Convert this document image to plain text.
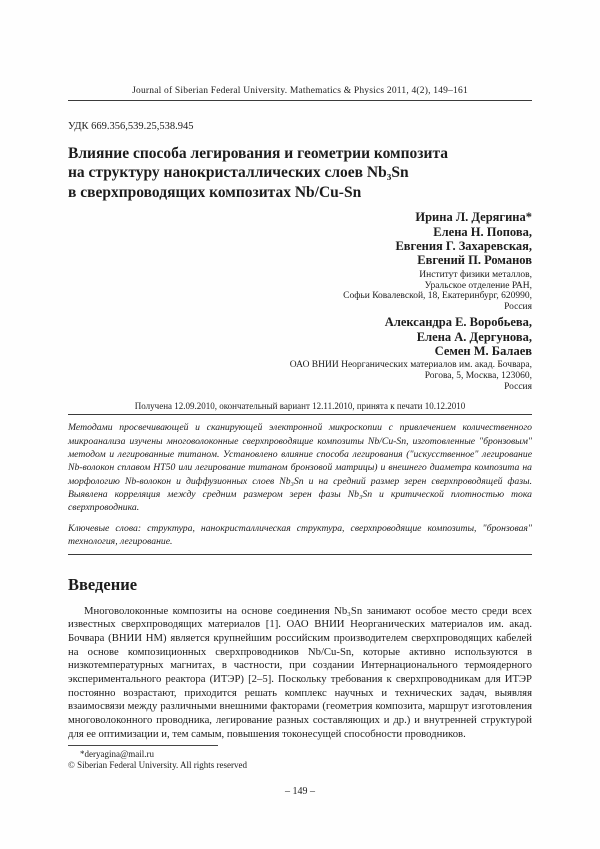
Journal of Siberian Federal University. Mathematics & Physics 2011, 4(2), 149–161
УДК 669.356,539.25,538.945
Влияние способа легирования и геометрии композита
на структуру нанокристаллических слоев Nb₃Sn
в сверхпроводящих композитах Nb/Cu-Sn
Ирина Л. Дерягина*
Елена Н. Попова,
Евгения Г. Захаревская,
Евгений П. Романов
Институт физики металлов,
Уральское отделение РАН,
Софьи Ковалевской, 18, Екатеринбург, 620990,
Россия
Александра Е. Воробьева,
Елена А. Дергунова,
Семен М. Балаев
ОАО ВНИИ Неорганических материалов им. акад. Бочвара,
Рогова, 5, Москва, 123060,
Россия
Получена 12.09.2010, окончательный вариант 12.11.2010, принята к печати 10.12.2010
Методами просвечивающей и сканирующей электронной микроскопии с привлечением количественного микроанализа изучены многоволоконные сверхпроводящие композиты Nb/Cu-Sn, изготовленные "бронзовым" методом и легированные титаном. Установлено влияние способа легирования ("искусственное" легирование Nb-волокон сплавом НТ50 или легирование титаном бронзовой матрицы) и внешнего диаметра композита на морфологию Nb-волокон и диффузионных слоев Nb₃Sn и на средний размер зерен сверхпроводящей фазы. Выявлена корреляция между средним размером зерен фазы Nb₃Sn и критической плотностью тока сверхпроводника.
Ключевые слова: структура, нанокристаллическая структура, сверхпроводящие композиты, "бронзовая" технология, легирование.
Введение

Многоволоконные композиты на основе соединения Nb₃Sn занимают особое место среди всех известных сверхпроводящих материалов [1]. ОАО ВНИИ Неорганических материалов им. акад. Бочвара (ВНИИ НМ) является крупнейшим российским производителем сверхпроводящих кабелей на основе композиционных сверхпроводников Nb/Cu-Sn, которые активно используются в низкотемпературных магнитах, в частности, при создании Интернационального термоядерного экспериментального реактора (ИТЭР) [2–5]. Поскольку требования к сверхпроводникам для ИТЭР постоянно возрастают, приходится решать комплекс научных и технических задач, выявляя взаимосвязи между различными внешними факторами (геометрия композита, маршрут изготовления многоволоконного проводника, легирование разных составляющих и др.) и внутренней структурой для ее оптимизации и, тем самым, повышения токонесущей способности проводников.

*deryagina@mail.ru
© Siberian Federal University. All rights reserved
– 149 –
